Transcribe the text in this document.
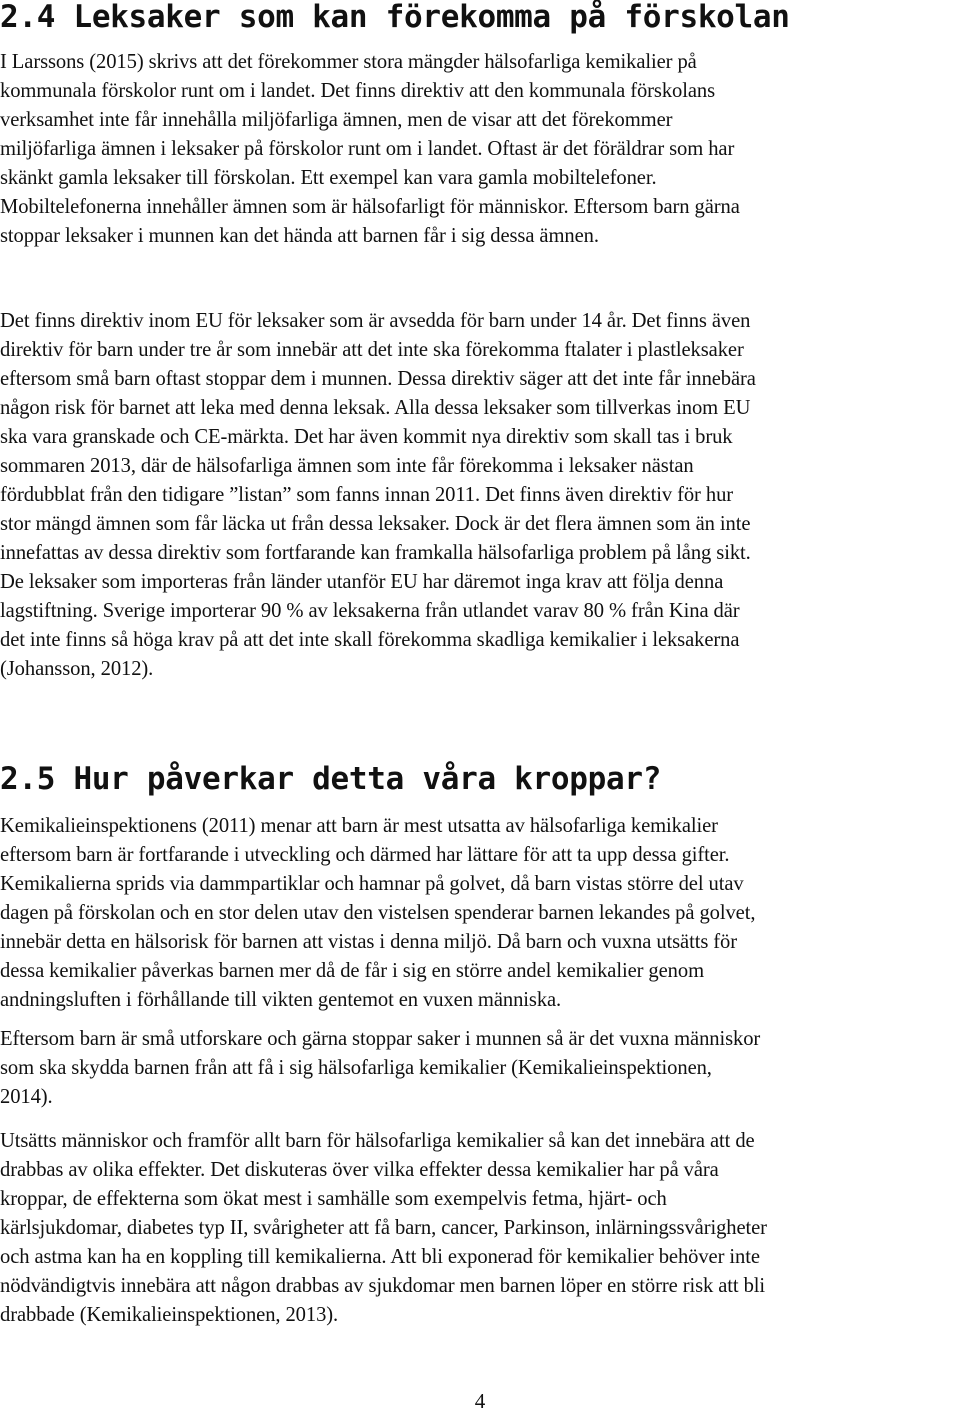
2.4 Leksaker som kan förekomma på förskolan
I Larssons (2015) skrivs att det förekommer stora mängder hälsofarliga kemikalier på
kommunala förskolor runt om i landet. Det finns direktiv att den kommunala förskolans
verksamhet inte får innehålla miljöfarliga ämnen, men de visar att det förekommer
miljöfarliga ämnen i leksaker på förskolor runt om i landet. Oftast är det föräldrar som har
skänkt gamla leksaker till förskolan. Ett exempel kan vara gamla mobiltelefoner.
Mobiltelefonerna innehåller ämnen som är hälsofarligt för människor. Eftersom barn gärna
stoppar leksaker i munnen kan det hända att barnen får i sig dessa ämnen.
Det finns direktiv inom EU för leksaker som är avsedda för barn under 14 år. Det finns även
direktiv för barn under tre år som innebär att det inte ska förekomma ftalater i plastleksaker
eftersom små barn oftast stoppar dem i munnen. Dessa direktiv säger att det inte får innebära
någon risk för barnet att leka med denna leksak. Alla dessa leksaker som tillverkas inom EU
ska vara granskade och CE-märkta. Det har även kommit nya direktiv som skall tas i bruk
sommaren 2013, där de hälsofarliga ämnen som inte får förekomma i leksaker nästan
fördubblat från den tidigare ”listan” som fanns innan 2011. Det finns även direktiv för hur
stor mängd ämnen som får läcka ut från dessa leksaker. Dock är det flera ämnen som än inte
innefattas av dessa direktiv som fortfarande kan framkalla hälsofarliga problem på lång sikt.
De leksaker som importeras från länder utanför EU har däremot inga krav att följa denna
lagstiftning. Sverige importerar 90 % av leksakerna från utlandet varav 80 % från Kina där
det inte finns så höga krav på att det inte skall förekomma skadliga kemikalier i leksakerna
(Johansson, 2012).
2.5 Hur påverkar detta våra kroppar?
Kemikalieinspektionens (2011) menar att barn är mest utsatta av hälsofarliga kemikalier
eftersom barn är fortfarande i utveckling och därmed har lättare för att ta upp dessa gifter.
Kemikalierna sprids via dammpartiklar och hamnar på golvet, då barn vistas större del utav
dagen på förskolan och en stor delen utav den vistelsen spenderar barnen lekandes på golvet,
innebär detta en hälsorisk för barnen att vistas i denna miljö. Då barn och vuxna utsätts för
dessa kemikalier påverkas barnen mer då de får i sig en större andel kemikalier genom
andningsluften i förhållande till vikten gentemot en vuxen människa.
Eftersom barn är små utforskare och gärna stoppar saker i munnen så är det vuxna människor
som ska skydda barnen från att få i sig hälsofarliga kemikalier (Kemikalieinspektionen,
2014).
Utsätts människor och framför allt barn för hälsofarliga kemikalier så kan det innebära att de
drabbas av olika effekter. Det diskuteras över vilka effekter dessa kemikalier har på våra
kroppar, de effekterna som ökat mest i samhälle som exempelvis fetma, hjärt- och
kärlsjukdomar, diabetes typ II, svårigheter att få barn, cancer, Parkinson, inlärningssvårigheter
och astma kan ha en koppling till kemikalierna. Att bli exponerad för kemikalier behöver inte
nödvändigtvis innebära att någon drabbas av sjukdomar men barnen löper en större risk att bli
drabbade (Kemikalieinspektionen, 2013).
4
